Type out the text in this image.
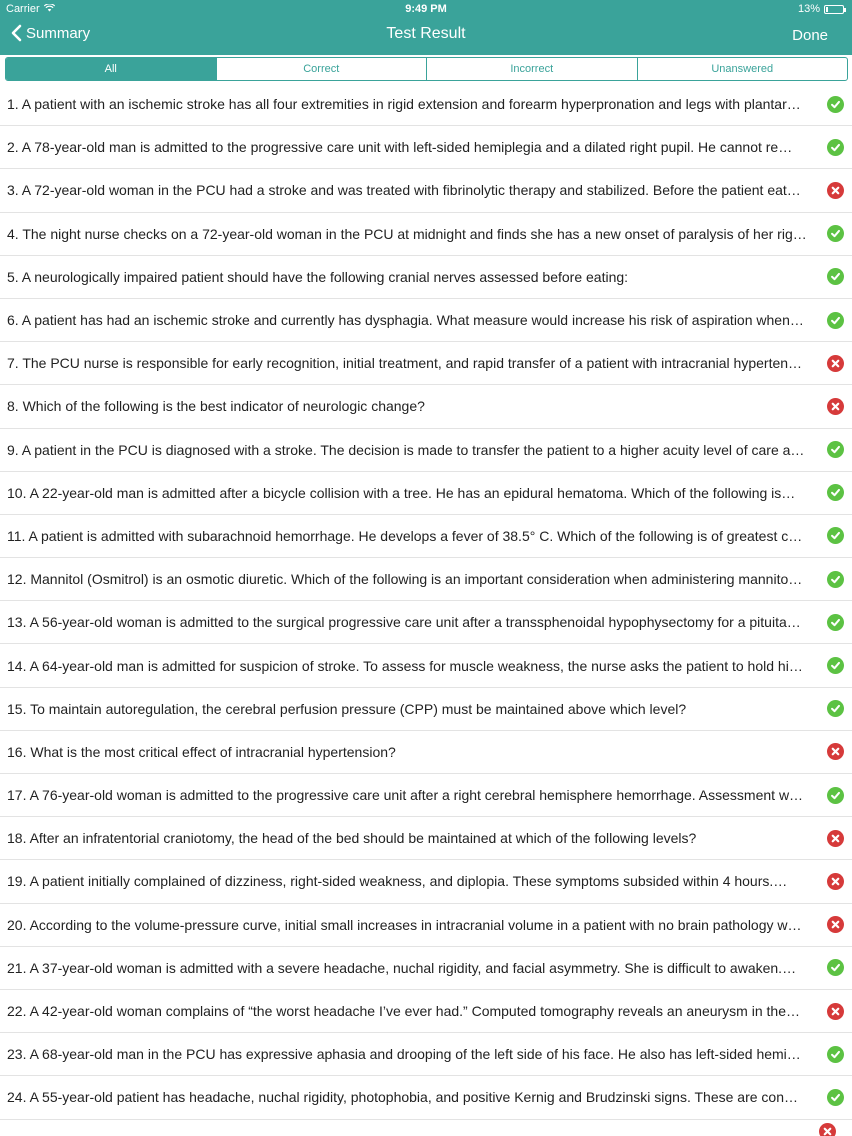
Carrier	9:49 PM	13%
Summary	Test Result	Done
All	Correct	Incorrect	Unanswered
1. A patient with an ischemic stroke has all four extremities in rigid extension and forearm hyperpronation and legs with plantar…
2. A 78-year-old man is admitted to the progressive care unit with left-sided hemiplegia and a dilated right pupil. He cannot re…
3. A 72-year-old woman in the PCU had a stroke and was treated with fibrinolytic therapy and stabilized. Before the patient eat…
4. The night nurse checks on a 72-year-old woman in the PCU at midnight and finds she has a new onset of paralysis of her rig…
5. A neurologically impaired patient should have the following cranial nerves assessed before eating:
6. A patient has had an ischemic stroke and currently has dysphagia. What measure would increase his risk of aspiration when…
7. The PCU nurse is responsible for early recognition, initial treatment, and rapid transfer of a patient with intracranial hyperten…
8. Which of the following is the best indicator of neurologic change?
9. A patient in the PCU is diagnosed with a stroke. The decision is made to transfer the patient to a higher acuity level of care a…
10. A 22-year-old man is admitted after a bicycle collision with a tree. He has an epidural hematoma. Which of the following is…
11. A patient is admitted with subarachnoid hemorrhage. He develops a fever of 38.5° C. Which of the following is of greatest c…
12. Mannitol (Osmitrol) is an osmotic diuretic. Which of the following is an important consideration when administering mannito…
13. A 56-year-old woman is admitted to the surgical progressive care unit after a transsphenoidal hypophysectomy for a pituita…
14. A 64-year-old man is admitted for suspicion of stroke. To assess for muscle weakness, the nurse asks the patient to hold hi…
15. To maintain autoregulation, the cerebral perfusion pressure (CPP) must be maintained above which level?
16. What is the most critical effect of intracranial hypertension?
17. A 76-year-old woman is admitted to the progressive care unit after a right cerebral hemisphere hemorrhage. Assessment w…
18. After an infratentorial craniotomy, the head of the bed should be maintained at which of the following levels?
19. A patient initially complained of dizziness, right-sided weakness, and diplopia. These symptoms subsided within 4 hours.…
20. According to the volume-pressure curve, initial small increases in intracranial volume in a patient with no brain pathology w…
21. A 37-year-old woman is admitted with a severe headache, nuchal rigidity, and facial asymmetry. She is difficult to awaken.…
22. A 42-year-old woman complains of “the worst headache I’ve ever had.” Computed tomography reveals an aneurysm in the…
23. A 68-year-old man in the PCU has expressive aphasia and drooping of the left side of his face. He also has left-sided hemi…
24. A 55-year-old patient has headache, nuchal rigidity, photophobia, and positive Kernig and Brudzinski signs. These are con…
